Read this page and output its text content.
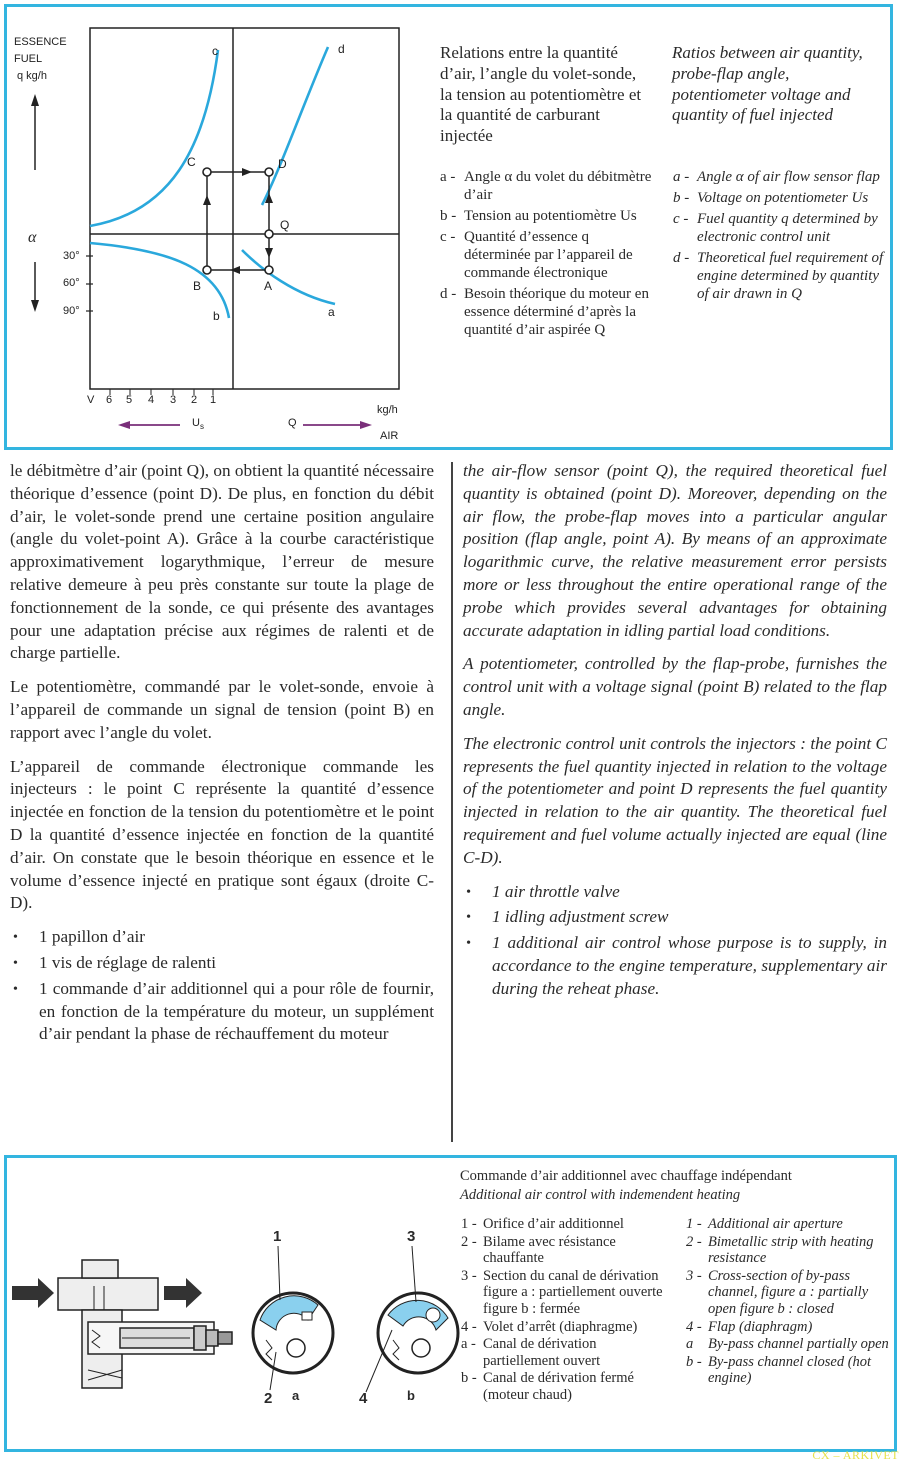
ESSENCE
FUEL
q kg/h
α
30°
60°
90°
V 6 5 4 3 2 1
kg/h
$U_s$	Q
AIR
c	d
b	a
C	D
Q
A
B
Relations entre la quantité d’air, l’angle du volet-sonde, la tension au potentiomètre et la quantité de carburant injectée
Ratios between air quantity, probe-flap angle, potentiometer voltage and quantity of fuel injected
a - Angle α du volet du débitmètre d’air
b - Tension au potentiomètre Us
c - Quantité d’essence q déterminée par l’appareil de commande électronique
d - Besoin théorique du moteur en essence déterminé d’après la quantité d’air aspirée Q
a - Angle α of air flow sensor flap
b - Voltage on potentiometer Us
c - Fuel quantity q determined by electronic control unit
d - Theoretical fuel requirement of engine determined by quantity of air drawn in Q

le débitmètre d’air (point Q), on obtient la quantité nécessaire théorique d’essence (point D). De plus, en fonction du débit d’air, le volet-sonde prend une certaine position angulaire (angle du volet-point A). Grâce à la courbe caractéristique approximativement logarythmique, l’erreur de mesure relative demeure à peu près constante sur toute la plage de fonctionnement de la sonde, ce qui présente des avantages pour une adaptation précise aux régimes de ralenti et de charge partielle.

Le potentiomètre, commandé par le volet-sonde, envoie à l’appareil de commande un signal de tension (point B) en rapport avec l’angle du volet.

L’appareil de commande électronique commande les injecteurs : le point C représente la quantité d’essence injectée en fonction de la tension du potentiomètre et le point D la quantité d’essence injectée en fonction de la quantité d’air. On constate que le besoin théorique en essence et le volume d’essence injecté en pratique sont égaux (droite C-D).

• 1 papillon d’air
• 1 vis de réglage de ralenti
• 1 commande d’air additionnel qui a pour rôle de fournir, en fonction de la température du moteur, un supplément d’air pendant la phase de réchauffement du moteur

the air-flow sensor (point Q), the required theoretical fuel quantity is obtained (point D). Moreover, depending on the air flow, the probe-flap moves into a particular angular position (flap angle, point A). By means of an approximate logarithmic curve, the relative measurement error persists more or less throughout the entire operational range of the probe which provides several advantages for obtaining accurate adaptation in idling partial load conditions.

A potentiometer, controlled by the flap-probe, furnishes the control unit with a voltage signal (point B) related to the flap angle.

The electronic control unit controls the injectors : the point C represents the fuel quantity injected in relation to the voltage of the potentiometer and point D represents the fuel quantity injected in relation to the air quantity. The theoretical fuel requirement and fuel volume actually injected are equal (line C-D).

• 1 air throttle valve
• 1 idling adjustment screw
• 1 additional air control whose purpose is to supply, in accordance to the engine temperature, supplementary air during the reheat phase.
1
2 a
3
4	b
Commande d’air additionnel avec chauffage indépendant
Additional air control with indemendent heating
1 - Orifice d’air additionnel
2 - Bilame avec résistance chauffante
3 - Section du canal de dérivation figure a : partiellement ouverte figure b : fermée
4 - Volet d’arrêt (diaphragme)
a - Canal de dérivation partiellement ouvert
b - Canal de dérivation fermé (moteur chaud)
1 - Additional air aperture
2 - Bimetallic strip with heating resistance
3 - Cross-section of by-pass channel, figure a : partially open figure b : closed
4 - Flap (diaphragm)
a	By-pass channel partially open
b - By-pass channel closed (hot engine)
CX – ARKIVET
